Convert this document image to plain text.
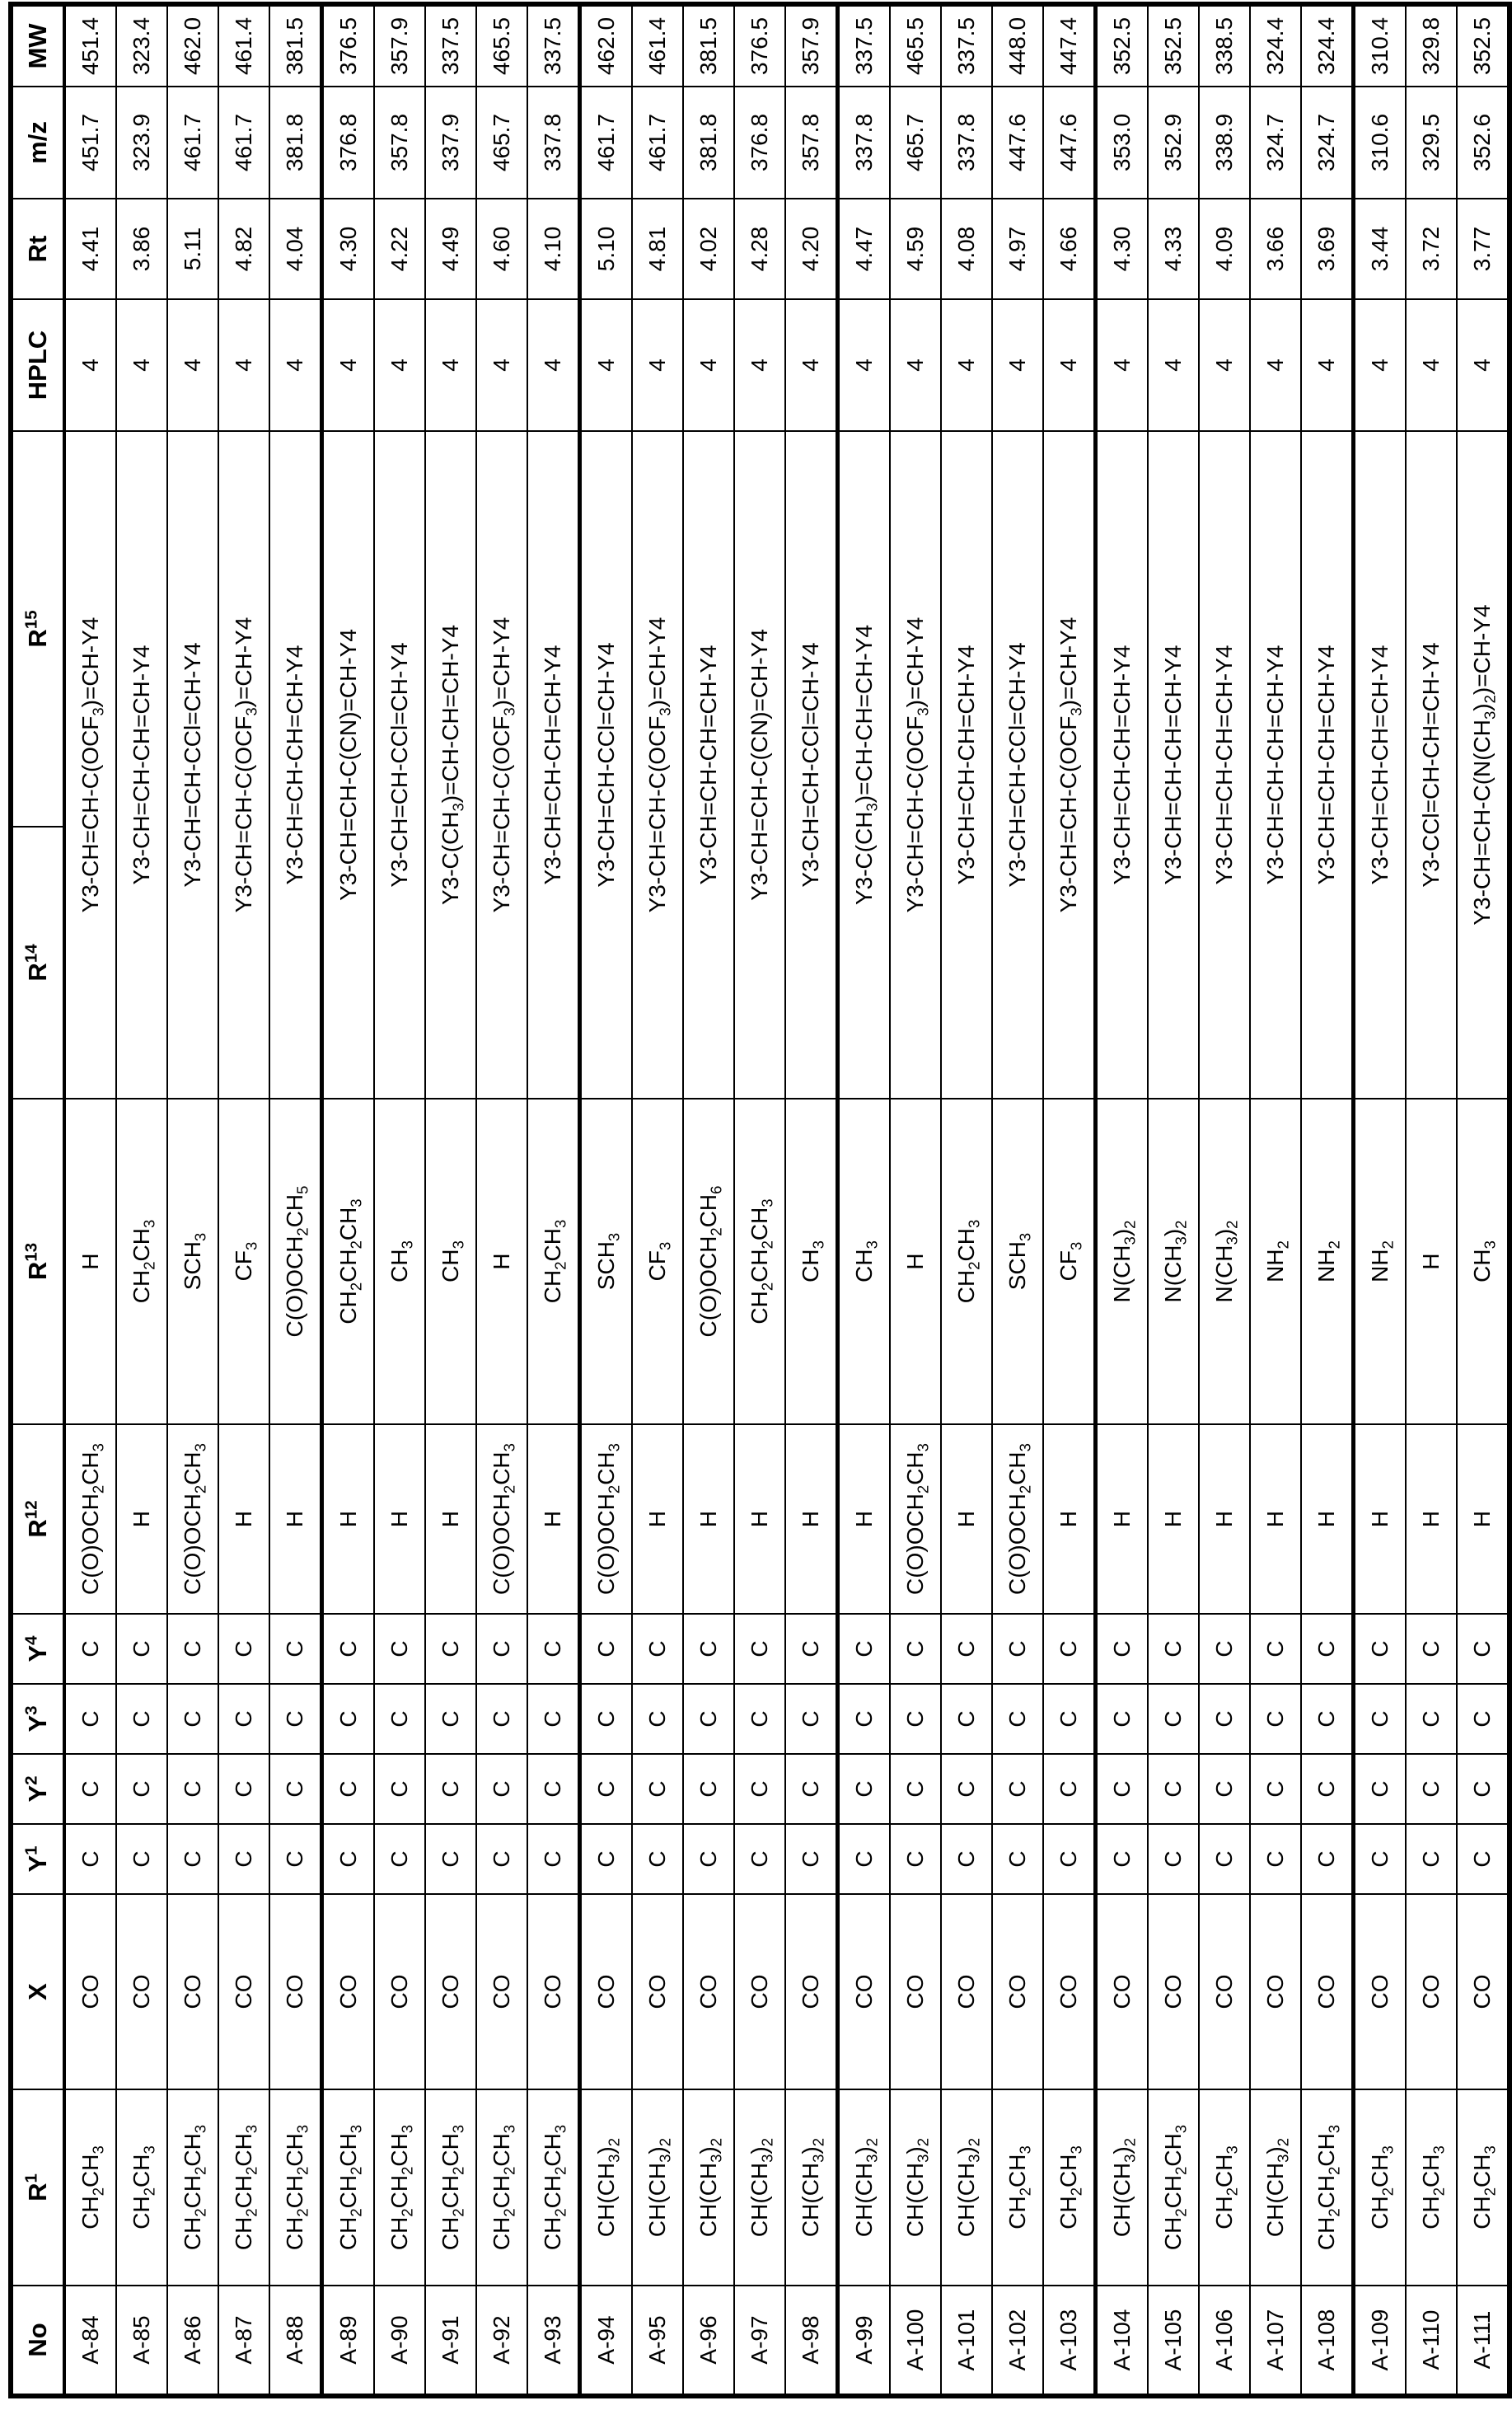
No	$R^1$	X	$Y^1$	$Y^2$	$Y^3$	$Y^4$	$R^{12}$	$R^{13}$	$R^{14}$	$R^{15}$	HPLC	Rt	m/z	MW
A-84	$CH_2CH_3$	CO	C	C	C	C	$C(O)OCH_2CH_3$	H	$Y3-CH=CH-C(OCF_3)=CH-Y4$		4	4.41	451.7	451.4
A-85	$CH_2CH_3$	CO	C	C	C	C	H	$CH_2CH_3$	Y3-CH=CH-CH=CH-Y4		4	3.86	323.9	323.4
A-86	$CH_2CH_2CH_3$	CO	C	C	C	C	$C(O)OCH_2CH_3$	$SCH_3$	Y3-CH=CH-CCl=CH-Y4		4	5.11	461.7	462.0
A-87	$CH_2CH_2CH_3$	CO	C	C	C	C	H	$CF_3$	$Y3-CH=CH-C(OCF_3)=CH-Y4$		4	4.82	461.7	461.4
A-88	$CH_2CH_2CH_3$	CO	C	C	C	C	H	$C(O)OCH_2CH_5$	Y3-CH=CH-CH=CH-Y4		4	4.04	381.8	381.5
A-89	$CH_2CH_2CH_3$	CO	C	C	C	C	H	$CH_2CH_2CH_3$	Y3-CH=CH-C(CN)=CH-Y4		4	4.30	376.8	376.5
A-90	$CH_2CH_2CH_3$	CO	C	C	C	C	H	$CH_3$	Y3-CH=CH-CCl=CH-Y4		4	4.22	357.8	357.9
A-91	$CH_2CH_2CH_3$	CO	C	C	C	C	H	$CH_3$	$Y3-C(CH_3)=CH-CH=CH-Y4$		4	4.49	337.9	337.5
A-92	$CH_2CH_2CH_3$	CO	C	C	C	C	$C(O)OCH_2CH_3$	H	$Y3-CH=CH-C(OCF_3)=CH-Y4$		4	4.60	465.7	465.5
A-93	$CH_2CH_2CH_3$	CO	C	C	C	C	H	$CH_2CH_3$	Y3-CH=CH-CH=CH-Y4		4	4.10	337.8	337.5
A-94	$CH(CH_3)_2$	CO	C	C	C	C	$C(O)OCH_2CH_3$	$SCH_3$	Y3-CH=CH-CCl=CH-Y4		4	5.10	461.7	462.0
A-95	$CH(CH_3)_2$	CO	C	C	C	C	H	$CF_3$	$Y3-CH=CH-C(OCF_3)=CH-Y4$		4	4.81	461.7	461.4
A-96	$CH(CH_3)_2$	CO	C	C	C	C	H	$C(O)OCH_2CH_6$	Y3-CH=CH-CH=CH-Y4		4	4.02	381.8	381.5
A-97	$CH(CH_3)_2$	CO	C	C	C	C	H	$CH_2CH_2CH_3$	Y3-CH=CH-C(CN)=CH-Y4		4	4.28	376.8	376.5
A-98	$CH(CH_3)_2$	CO	C	C	C	C	H	$CH_3$	Y3-CH=CH-CCl=CH-Y4		4	4.20	357.8	357.9
A-99	$CH(CH_3)_2$	CO	C	C	C	C	H	$CH_3$	$Y3-C(CH_3)=CH-CH=CH-Y4$		4	4.47	337.8	337.5
A-100	$CH(CH_3)_2$	CO	C	C	C	C	$C(O)OCH_2CH_3$	H	$Y3-CH=CH-C(OCF_3)=CH-Y4$		4	4.59	465.7	465.5
A-101	$CH(CH_3)_2$	CO	C	C	C	C	H	$CH_2CH_3$	Y3-CH=CH-CH=CH-Y4		4	4.08	337.8	337.5
A-102	$CH_2CH_3$	CO	C	C	C	C	$C(O)OCH_2CH_3$	$SCH_3$	Y3-CH=CH-CCl=CH-Y4		4	4.97	447.6	448.0
A-103	$CH_2CH_3$	CO	C	C	C	C	H	$CF_3$	$Y3-CH=CH-C(OCF_3)=CH-Y4$		4	4.66	447.6	447.4
A-104	$CH(CH_3)_2$	CO	C	C	C	C	H	$N(CH_3)_2$	Y3-CH=CH-CH=CH-Y4		4	4.30	353.0	352.5
A-105	$CH_2CH_2CH_3$	CO	C	C	C	C	H	$N(CH_3)_2$	Y3-CH=CH-CH=CH-Y4		4	4.33	352.9	352.5
A-106	$CH_2CH_3$	CO	C	C	C	C	H	$N(CH_3)_2$	Y3-CH=CH-CH=CH-Y4		4	4.09	338.9	338.5
A-107	$CH(CH_3)_2$	CO	C	C	C	C	H	$NH_2$	Y3-CH=CH-CH=CH-Y4		4	3.66	324.7	324.4
A-108	$CH_2CH_2CH_3$	CO	C	C	C	C	H	$NH_2$	Y3-CH=CH-CH=CH-Y4		4	3.69	324.7	324.4
A-109	$CH_2CH_3$	CO	C	C	C	C	H	$NH_2$	Y3-CH=CH-CH=CH-Y4		4	3.44	310.6	310.4
A-110	$CH_2CH_3$	CO	C	C	C	C	H	H	Y3-CCl=CH-CH=CH-Y4		4	3.72	329.5	329.8
A-111	$CH_2CH_3$	CO	C	C	C	C	H	$CH_3$	$Y3-CH=CH-C(N(CH_3)_2)=CH-Y4$		4	3.77	352.6	352.5
